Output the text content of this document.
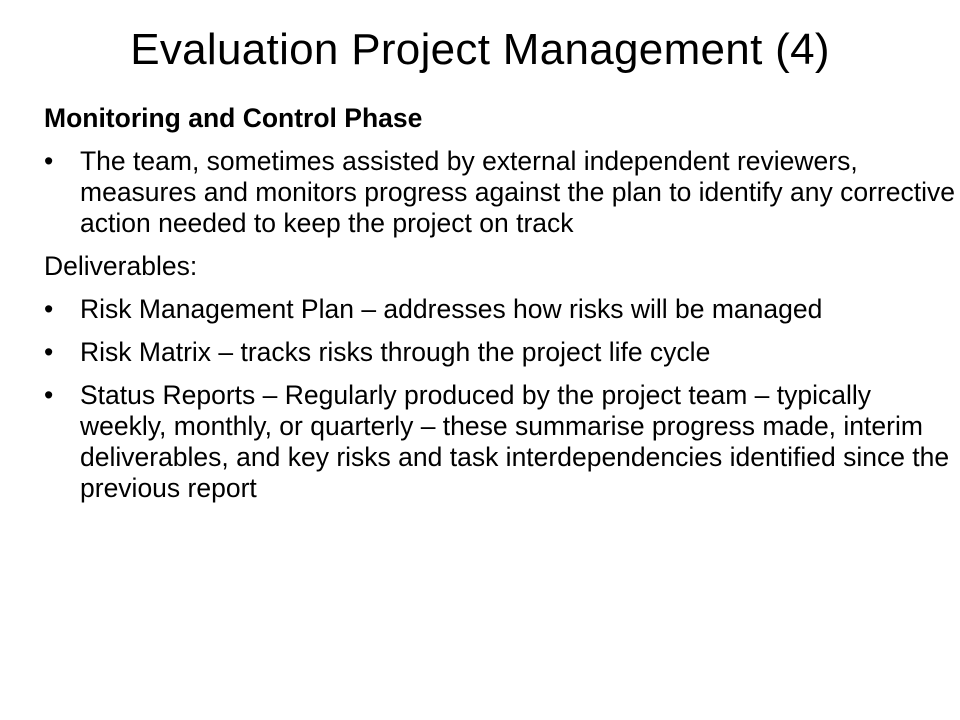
Evaluation Project Management (4)

Monitoring and Control Phase

•	The team, sometimes assisted by external independent reviewers, measures and monitors progress against the plan to identify any corrective action needed to keep the project on track

Deliverables:

•	Risk Management Plan – addresses how risks will be managed
•	Risk Matrix – tracks risks through the project life cycle
•	Status Reports – Regularly produced by the project team – typically weekly, monthly, or quarterly – these summarise progress made, interim deliverables, and key risks and task interdependencies identified since the previous report
